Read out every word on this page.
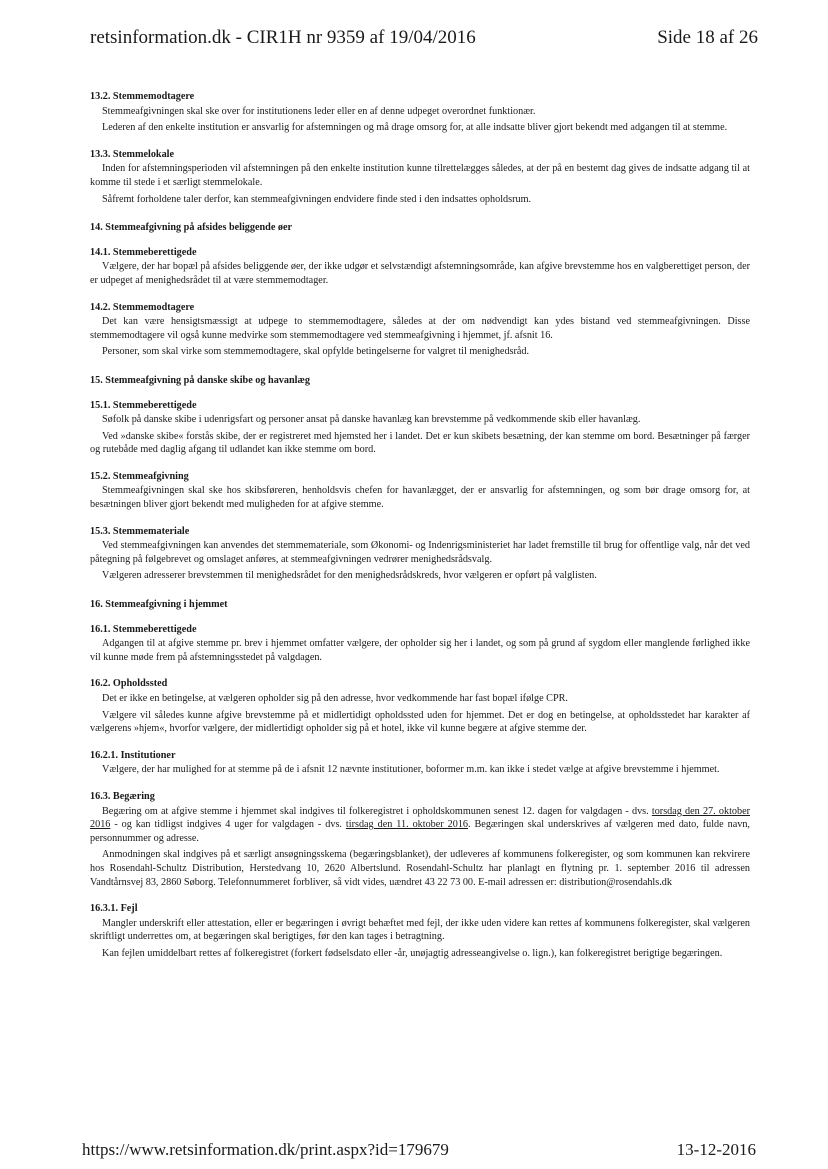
retsinformation.dk - CIR1H nr 9359 af 19/04/2016	Side 18 af 26
13.2. Stemmemodtagere

Stemmeafgivningen skal ske over for institutionens leder eller en af denne udpeget overordnet funktionær.

Lederen af den enkelte institution er ansvarlig for afstemningen og må drage omsorg for, at alle indsatte bliver gjort bekendt med adgangen til at stemme.

13.3. Stemmelokale

Inden for afstemningsperioden vil afstemningen på den enkelte institution kunne tilrettelægges således, at der på en bestemt dag gives de indsatte adgang til at komme til stede i et særligt stemmelokale.

Såfremt forholdene taler derfor, kan stemmeafgivningen endvidere finde sted i den indsattes opholdsrum.

14. Stemmeafgivning på afsides beliggende øer
14.1. Stemmeberettigede

Vælgere, der har bopæl på afsides beliggende øer, der ikke udgør et selvstændigt afstemningsområde, kan afgive brevstemme hos en valgberettiget person, der er udpeget af menighedsrådet til at være stemmemodtager.

14.2. Stemmemodtagere

Det kan være hensigtsmæssigt at udpege to stemmemodtagere, således at der om nødvendigt kan ydes bistand ved stemmeafgivningen. Disse stemmemodtagere vil også kunne medvirke som stemmemodtagere ved stemmeafgivning i hjemmet, jf. afsnit 16.

Personer, som skal virke som stemmemodtagere, skal opfylde betingelserne for valgret til menighedsråd.

15. Stemmeafgivning på danske skibe og havanlæg
15.1. Stemmeberettigede

Søfolk på danske skibe i udenrigsfart og personer ansat på danske havanlæg kan brevstemme på vedkommende skib eller havanlæg.

Ved »danske skibe« forstås skibe, der er registreret med hjemsted her i landet. Det er kun skibets besætning, der kan stemme om bord. Besætninger på færger og rutebåde med daglig afgang til udlandet kan ikke stemme om bord.

15.2. Stemmeafgivning

Stemmeafgivningen skal ske hos skibsføreren, henholdsvis chefen for havanlægget, der er ansvarlig for afstemningen, og som bør drage omsorg for, at besætningen bliver gjort bekendt med muligheden for at afgive stemme.

15.3. Stemmemateriale

Ved stemmeafgivningen kan anvendes det stemmemateriale, som Økonomi- og Indenrigsministeriet har ladet fremstille til brug for offentlige valg, når det ved påtegning på følgebrevet og omslaget anføres, at stemmeafgivningen vedrører menighedsrådsvalg.

Vælgeren adresserer brevstemmen til menighedsrådet for den menighedsrådskreds, hvor vælgeren er opført på valglisten.

16. Stemmeafgivning i hjemmet
16.1. Stemmeberettigede

Adgangen til at afgive stemme pr. brev i hjemmet omfatter vælgere, der opholder sig her i landet, og som på grund af sygdom eller manglende førlighed ikke vil kunne møde frem på afstemningsstedet på valgdagen.

16.2. Opholdssted

Det er ikke en betingelse, at vælgeren opholder sig på den adresse, hvor vedkommende har fast bopæl ifølge CPR.

Vælgere vil således kunne afgive brevstemme på et midlertidigt opholdssted uden for hjemmet. Det er dog en betingelse, at opholdsstedet har karakter af vælgerens »hjem«, hvorfor vælgere, der midlertidigt opholder sig på et hotel, ikke vil kunne begære at afgive stemme der.

16.2.1. Institutioner

Vælgere, der har mulighed for at stemme på de i afsnit 12 nævnte institutioner, boformer m.m. kan ikke i stedet vælge at afgive brevstemme i hjemmet.

16.3. Begæring

Begæring om at afgive stemme i hjemmet skal indgives til folkeregistret i opholdskommunen senest 12. dagen for valgdagen - dvs. torsdag den 27. oktober 2016 - og kan tidligst indgives 4 uger for valgdagen - dvs. tirsdag den 11. oktober 2016. Begæringen skal underskrives af vælgeren med dato, fulde navn, personnummer og adresse.

Anmodningen skal indgives på et særligt ansøgningsskema (begæringsblanket), der udleveres af kommunens folkeregister, og som kommunen kan rekvirere hos Rosendahl-Schultz Distribution, Herstedvang 10, 2620 Albertslund. Rosendahl-Schultz har planlagt en flytning pr. 1. september 2016 til adressen Vandtårnsvej 83, 2860 Søborg. Telefonnummeret forbliver, så vidt vides, uændret 43 22 73 00. E-mail adressen er: distribution@rosendahls.dk

16.3.1. Fejl

Mangler underskrift eller attestation, eller er begæringen i øvrigt behæftet med fejl, der ikke uden videre kan rettes af kommunens folkeregister, skal vælgeren skriftligt underrettes om, at begæringen skal berigtiges, før den kan tages i betragtning.

Kan fejlen umiddelbart rettes af folkeregistret (forkert fødselsdato eller -år, unøjagtig adresseangivelse o. lign.), kan folkeregistret berigtige begæringen.

https://www.retsinformation.dk/print.aspx?id=179679	13-12-2016
